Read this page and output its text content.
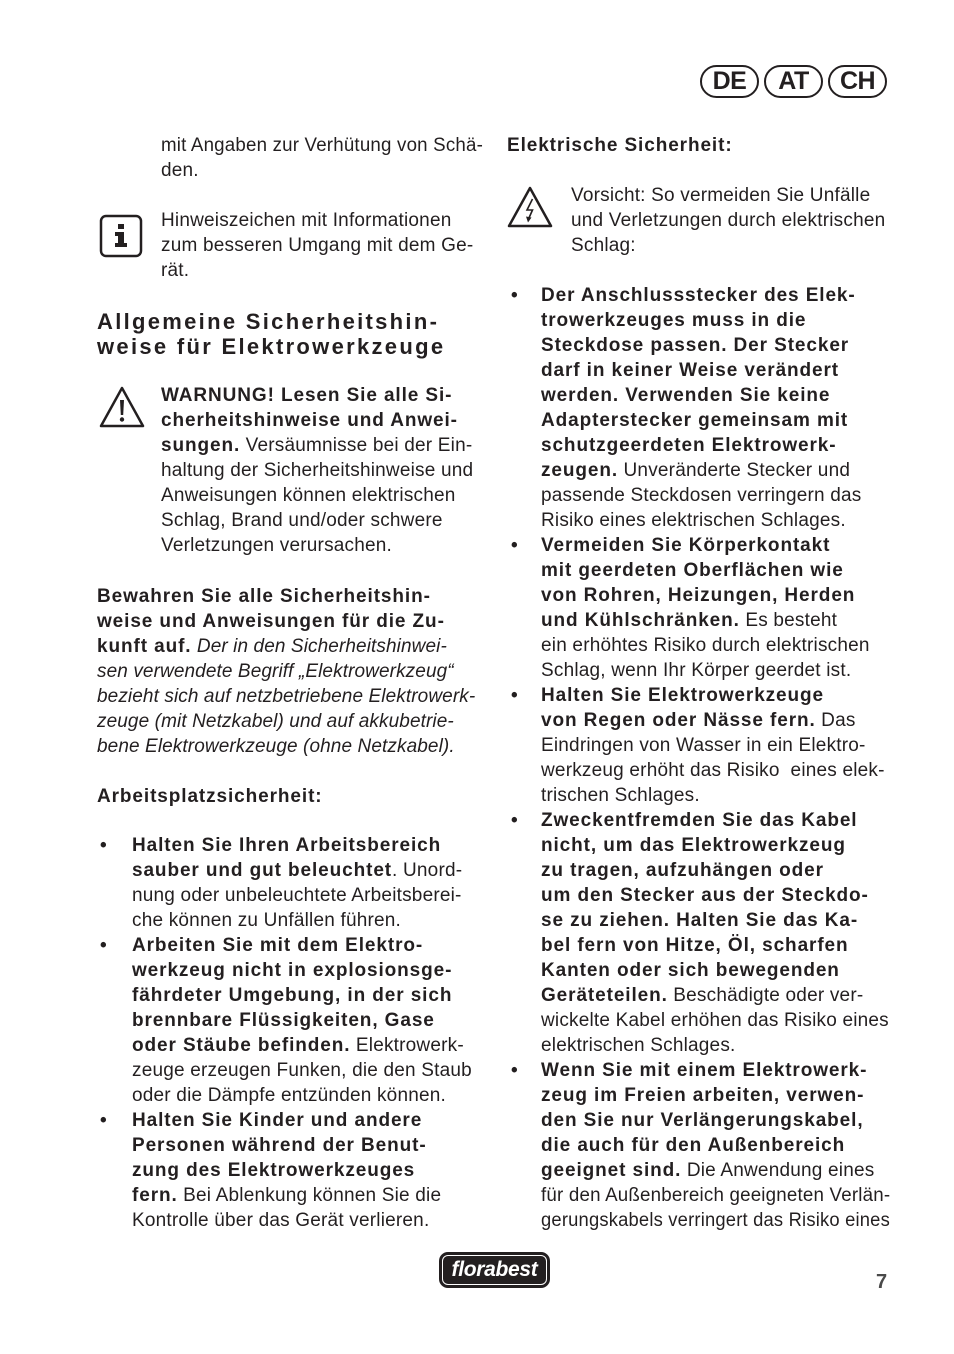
DE	AT	CH
mit Angaben zur Verhütung von Schä-
den.
Hinweiszeichen mit Informationen
zum besseren Umgang mit dem Ge-
rät.
Allgemeine Sicherheitshin-
weise für Elektrowerkzeuge
WARNUNG! Lesen Sie alle Si-
cherheitshinweise und Anwei-
sungen. Versäumnisse bei der Ein-
haltung der Sicherheitshinweise und
Anweisungen können elektrischen
Schlag, Brand und/oder schwere
Verletzungen verursachen.
Bewahren Sie alle Sicherheitshin-
weise und Anweisungen für die Zu-
kunft auf. Der in den Sicherheitshinwei-
sen verwendete Begriff „Elektrowerkzeug“
bezieht sich auf netzbetriebene Elektrowerk-
zeuge (mit Netzkabel) und auf akkubetrie-
bene Elektrowerkzeuge (ohne Netzkabel).
Arbeitsplatzsicherheit:
• Halten Sie Ihren Arbeitsbereich
sauber und gut beleuchtet. Unord-
nung oder unbeleuchtete Arbeitsberei-
che können zu Unfällen führen.
• Arbeiten Sie mit dem Elektro-
werkzeug nicht in explosionsge-
fährdeter Umgebung, in der sich
brennbare Flüssigkeiten, Gase
oder Stäube befinden. Elektrowerk-
zeuge erzeugen Funken, die den Staub
oder die Dämpfe entzünden können.
• Halten Sie Kinder und andere
Personen während der Benut-
zung des Elektrowerkzeuges
fern. Bei Ablenkung können Sie die
Kontrolle über das Gerät verlieren.
Elektrische Sicherheit:
Vorsicht: So vermeiden Sie Unfälle
und Verletzungen durch elektrischen
Schlag:
• Der Anschlussstecker des Elek-
trowerkzeuges muss in die
Steckdose passen. Der Stecker
darf in keiner Weise verändert
werden. Verwenden Sie keine
Adapterstecker gemeinsam mit
schutzgeerdeten Elektrowerk-
zeugen. Unveränderte Stecker und
passende Steckdosen verringern das
Risiko eines elektrischen Schlages.
• Vermeiden Sie Körperkontakt
mit geerdeten Oberflächen wie
von Rohren, Heizungen, Herden
und Kühlschränken. Es besteht
ein erhöhtes Risiko durch elektrischen
Schlag, wenn Ihr Körper geerdet ist.
• Halten Sie Elektrowerkzeuge
von Regen oder Nässe fern. Das
Eindringen von Wasser in ein Elektro-
werkzeug erhöht das Risiko  eines elek-
trischen Schlages.
• Zweckentfremden Sie das Kabel
nicht, um das Elektrowerkzeug
zu tragen, aufzuhängen oder
um den Stecker aus der Steckdo-
se zu ziehen. Halten Sie das Ka-
bel fern von Hitze, Öl, scharfen
Kanten oder sich bewegenden
Geräteteilen. Beschädigte oder ver-
wickelte Kabel erhöhen das Risiko eines
elektrischen Schlages.
• Wenn Sie mit einem Elektrowerk-
zeug im Freien arbeiten, verwen-
den Sie nur Verlängerungskabel,
die auch für den Außenbereich
geeignet sind. Die Anwendung eines
für den Außenbereich geeigneten Verlän-
gerungskabels verringert das Risiko eines
florabest
7
